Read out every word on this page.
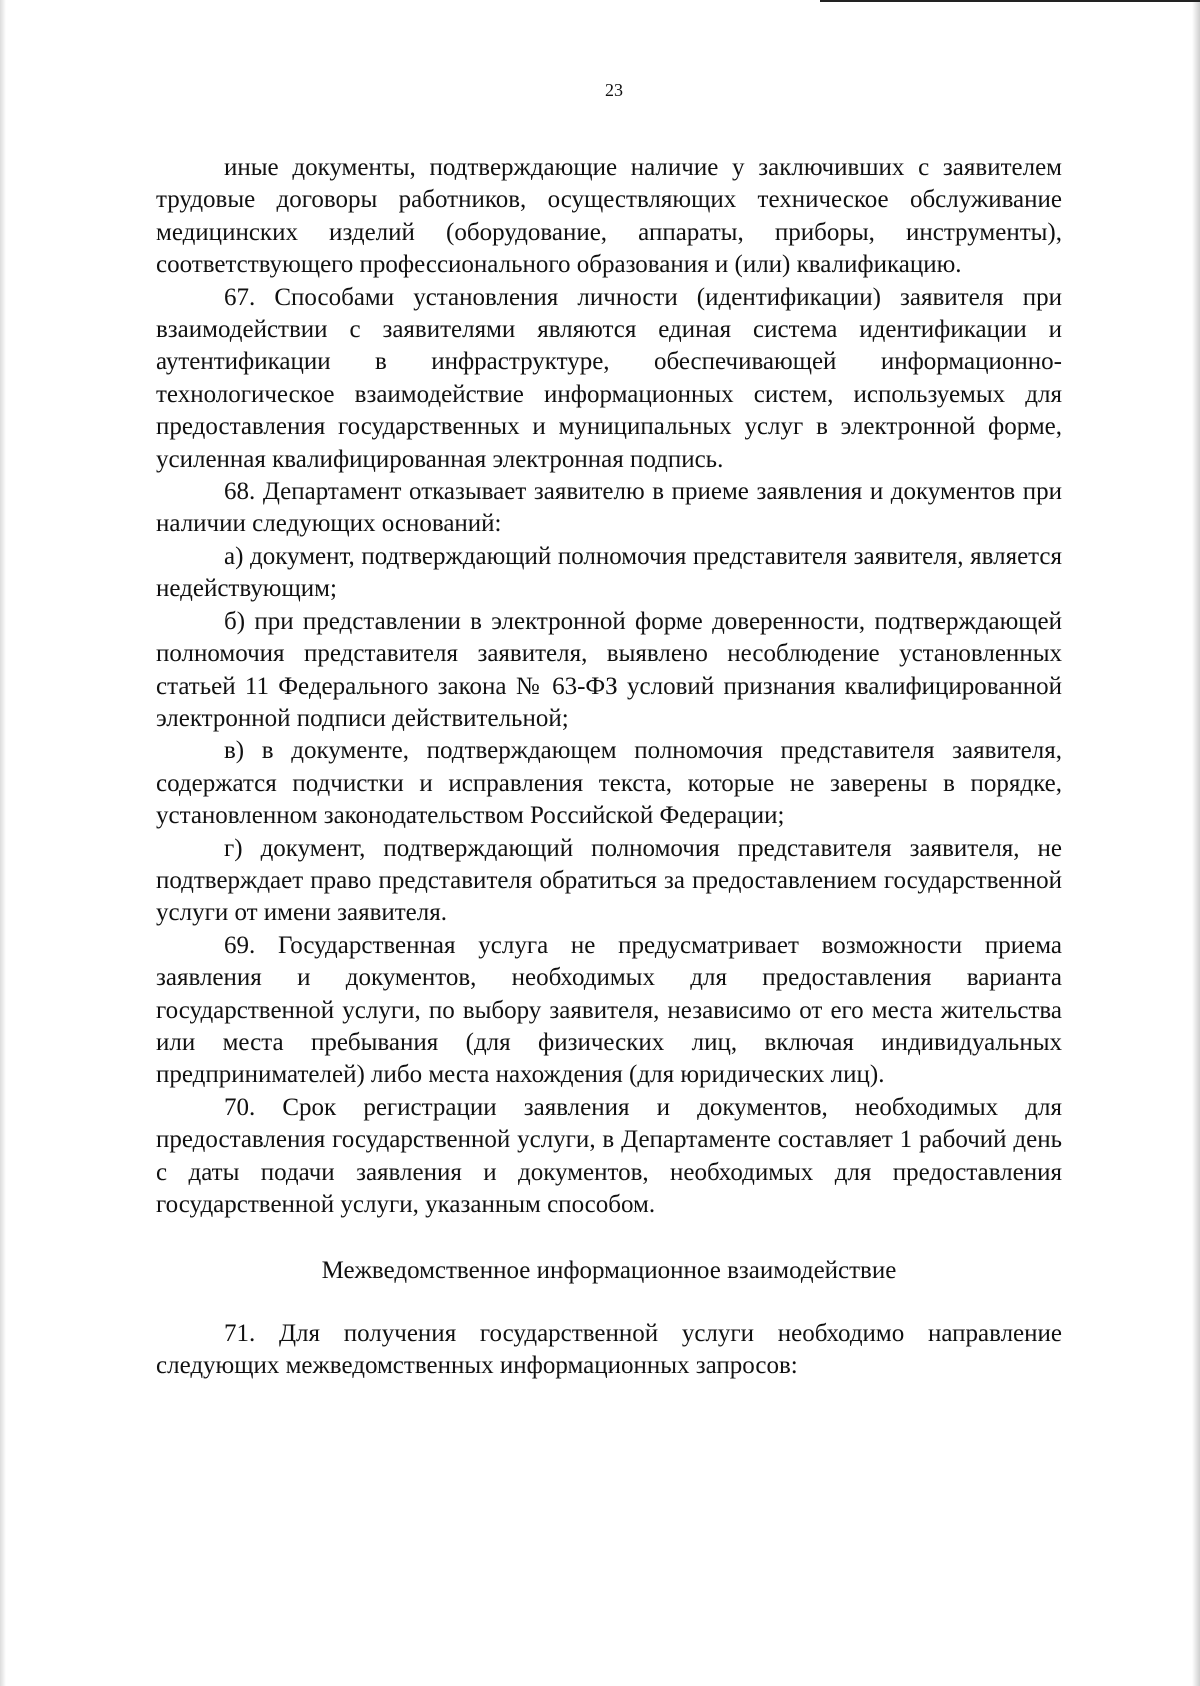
23

иные документы, подтверждающие наличие у заключивших с заявителем трудовые договоры работников, осуществляющих техническое обслуживание медицинских изделий (оборудование, аппараты, приборы, инструменты), соответствующего профессионального образования и (или) квалификацию.

67. Способами установления личности (идентификации) заявителя при взаимодействии с заявителями являются единая система идентификации и аутентификации в инфраструктуре, обеспечивающей информационно-технологическое взаимодействие информационных систем, используемых для предоставления государственных и муниципальных услуг в электронной форме, усиленная квалифицированная электронная подпись.

68. Департамент отказывает заявителю в приеме заявления и документов при наличии следующих оснований:

а) документ, подтверждающий полномочия представителя заявителя, является недействующим;

б) при представлении в электронной форме доверенности, подтверждающей полномочия представителя заявителя, выявлено несоблюдение установленных статьей 11 Федерального закона № 63-ФЗ условий признания квалифицированной электронной подписи действительной;

в) в документе, подтверждающем полномочия представителя заявителя, содержатся подчистки и исправления текста, которые не заверены в порядке, установленном законодательством Российской Федерации;

г) документ, подтверждающий полномочия представителя заявителя, не подтверждает право представителя обратиться за предоставлением государственной услуги от имени заявителя.

69. Государственная услуга не предусматривает возможности приема заявления и документов, необходимых для предоставления варианта государственной услуги, по выбору заявителя, независимо от его места жительства или места пребывания (для физических лиц, включая индивидуальных предпринимателей) либо места нахождения (для юридических лиц).

70. Срок регистрации заявления и документов, необходимых для предоставления государственной услуги, в Департаменте составляет 1 рабочий день с даты подачи заявления и документов, необходимых для предоставления государственной услуги, указанным способом.

Межведомственное информационное взаимодействие

71. Для получения государственной услуги необходимо направление следующих межведомственных информационных запросов:
